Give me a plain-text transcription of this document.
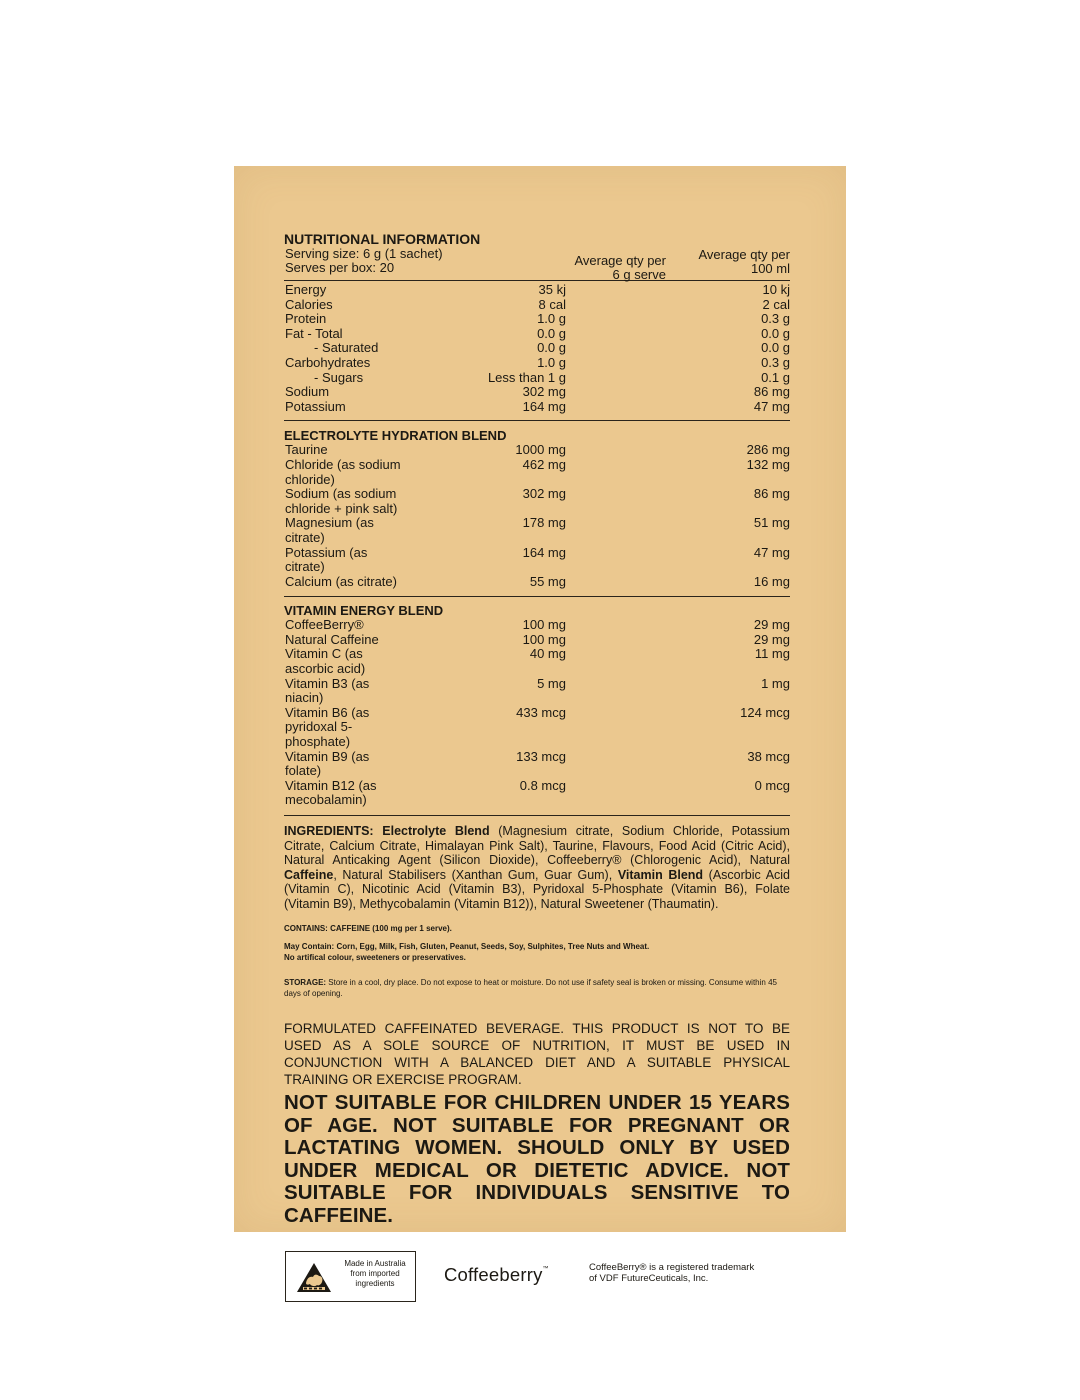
NUTRITIONAL INFORMATION
Serving size: 6 g (1 sachet)
Serves per box: 20	Average qty per
6 g serve
Average qty per
100 ml
Energy	35 kj	10 kj
Calories	8 cal	2 cal
Protein	1.0 g	0.3 g
Fat - Total	0.0 g	0.0 g
- Saturated	0.0 g	0.0 g
Carbohydrates	1.0 g	0.3 g
- Sugars	Less than 1 g	0.1 g
Sodium	302 mg	86 mg
Potassium	164 mg	47 mg
ELECTROLYTE HYDRATION BLEND
Taurine	1000 mg	286 mg
Chloride (as sodium chloride)	462 mg	132 mg
Sodium (as sodium chloride + pink salt)	302 mg	86 mg
Magnesium (as citrate)	178 mg	51 mg
Potassium (as citrate)	164 mg	47 mg
Calcium (as citrate)	55 mg	16 mg
VITAMIN ENERGY BLEND
CoffeeBerry®	100 mg	29 mg
Natural Caffeine	100 mg	29 mg
Vitamin C (as ascorbic acid)	40 mg	11 mg
Vitamin B3 (as niacin)	5 mg	1 mg
Vitamin B6 (as pyridoxal 5-phosphate)	433 mcg	124 mcg
Vitamin B9 (as folate)	133 mcg	38 mcg
Vitamin B12 (as mecobalamin)	0.8 mcg	0 mcg
INGREDIENTS: Electrolyte Blend (Magnesium citrate, Sodium Chloride, Potassium Citrate, Calcium Citrate, Himalayan Pink Salt), Taurine, Flavours, Food Acid (Citric Acid), Natural Anticaking Agent (Silicon Dioxide), Coffeeberry® (Chlorogenic Acid), Natural Caffeine, Natural Stabilisers (Xanthan Gum, Guar Gum), Vitamin Blend (Ascorbic Acid (Vitamin C), Nicotinic Acid (Vitamin B3), Pyridoxal 5-Phosphate (Vitamin B6), Folate (Vitamin B9), Methycobalamin (Vitamin B12)), Natural Sweetener (Thaumatin).
CONTAINS: CAFFEINE (100 mg per 1 serve).
May Contain: Corn, Egg, Milk, Fish, Gluten, Peanut, Seeds, Soy, Sulphites, Tree Nuts and Wheat.
No artifical colour, sweeteners or preservatives.
STORAGE: Store in a cool, dry place. Do not expose to heat or moisture. Do not use if safety seal is broken or missing. Consume within 45 days of opening.
FORMULATED CAFFEINATED BEVERAGE. THIS PRODUCT IS NOT TO BE USED AS A SOLE SOURCE OF NUTRITION, IT MUST BE USED IN CONJUNCTION WITH A BALANCED DIET AND A SUITABLE PHYSICAL TRAINING OR EXERCISE PROGRAM.
NOT SUITABLE FOR CHILDREN UNDER 15 YEARS OF AGE. NOT SUITABLE FOR PREGNANT OR LACTATING WOMEN. SHOULD ONLY BY USED UNDER MEDICAL OR DIETETIC ADVICE. NOT SUITABLE FOR INDIVIDUALS SENSITIVE TO CAFFEINE.
Made in Australia
from imported
ingredients	Coffeeberry™	CoffeeBerry® is a registered trademark
of VDF FutureCeuticals, Inc.
